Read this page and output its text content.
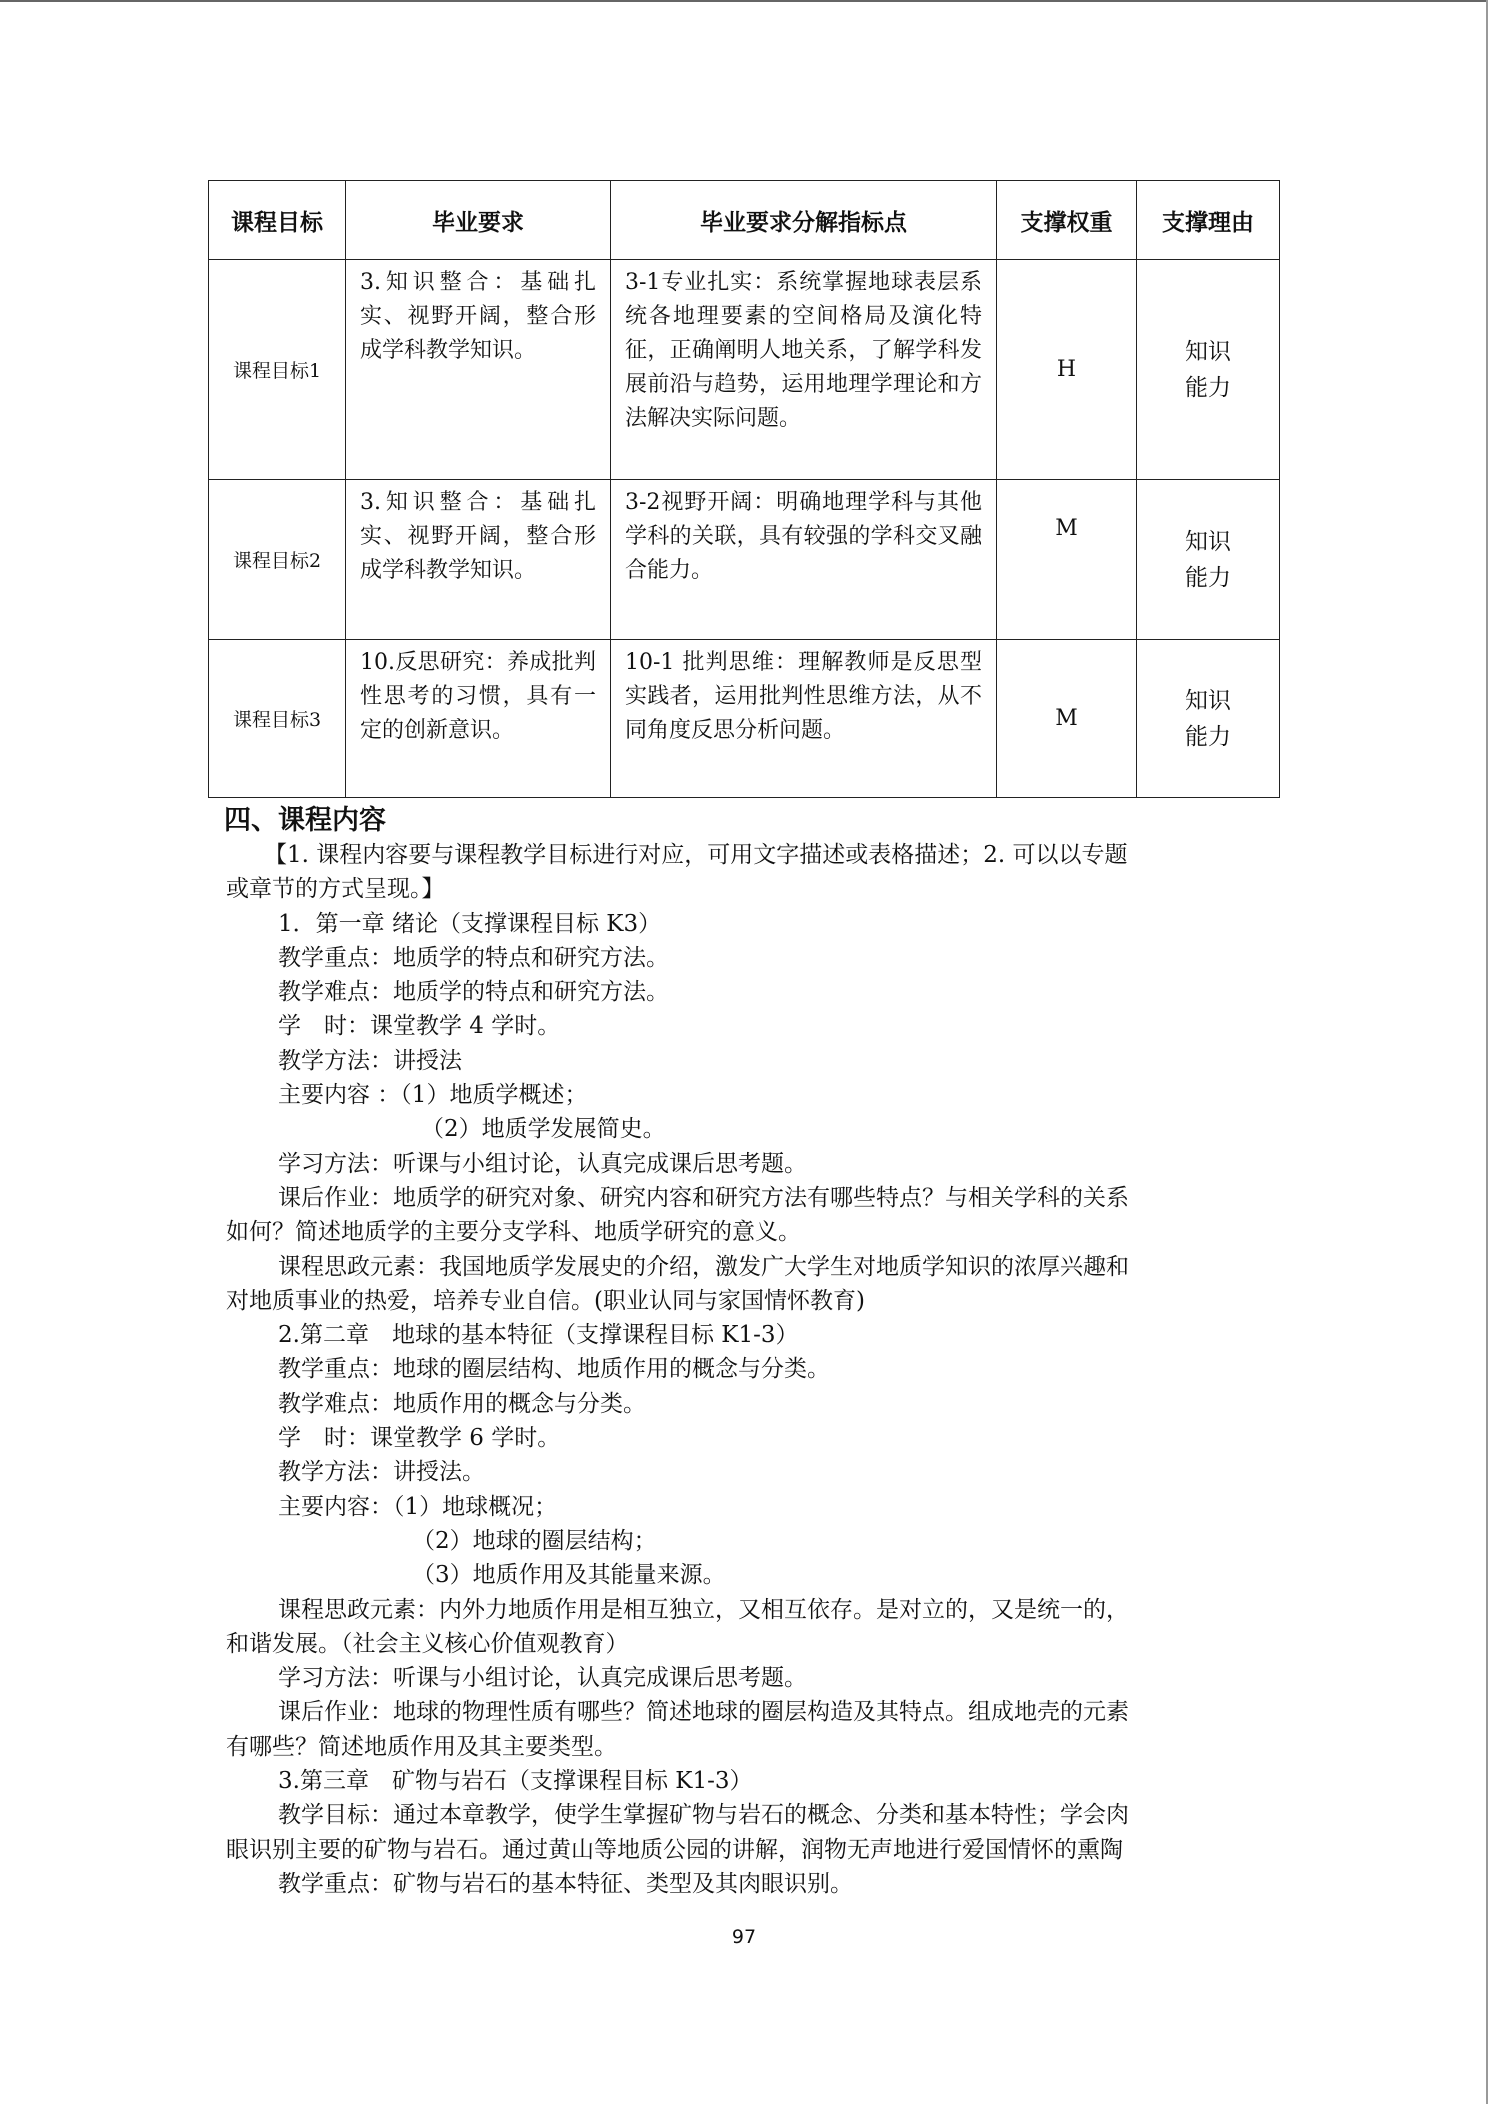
课程目标	毕业要求	毕业要求分解指标点	支撑权重	支撑理由
课程目标1	3.知识整合：基础扎实、视野开阔，整合形成学科教学知识。	3-1专业扎实：系统掌握地球表层系统各地理要素的空间格局及演化特征，正确阐明人地关系，了解学科发展前沿与趋势，运用地理学理论和方法解决实际问题。	H	知识
能力

课程目标2	3.知识整合：基础扎实、视野开阔，整合形成学科教学知识。	3-2视野开阔：明确地理学科与其他学科的关联，具有较强的学科交叉融合能力。	M	知识
能力

课程目标3	10.反思研究：养成批判性思考的习惯，具有一定的创新意识。	10-1 批判思维：理解教师是反思型实践者，运用批判性思维方法，从不同角度反思分析问题。	M	知识
能力
四、课程内容
【1. 课程内容要与课程教学目标进行对应，可用文字描述或表格描述；2. 可以以专题
或章节的方式呈现。】
1．第一章 绪论（支撑课程目标 K3）
教学重点：地质学的特点和研究方法。
教学难点：地质学的特点和研究方法。
学　时：课堂教学 4 学时。
教学方法：讲授法
主要内容 ：（1）地质学概述；
（2）地质学发展简史。
学习方法：听课与小组讨论，认真完成课后思考题。
课后作业：地质学的研究对象、研究内容和研究方法有哪些特点？与相关学科的关系
如何？简述地质学的主要分支学科、地质学研究的意义。
课程思政元素：我国地质学发展史的介绍，激发广大学生对地质学知识的浓厚兴趣和
对地质事业的热爱，培养专业自信。(职业认同与家国情怀教育)
2.第二章　地球的基本特征（支撑课程目标 K1-3）
教学重点：地球的圈层结构、地质作用的概念与分类。
教学难点：地质作用的概念与分类。
学　时：课堂教学 6 学时。
教学方法：讲授法。
主要内容：（1）地球概况；
（2）地球的圈层结构；
（3）地质作用及其能量来源。
课程思政元素：内外力地质作用是相互独立，又相互依存。是对立的，又是统一的，
和谐发展。（社会主义核心价值观教育）
学习方法：听课与小组讨论，认真完成课后思考题。
课后作业：地球的物理性质有哪些？简述地球的圈层构造及其特点。组成地壳的元素
有哪些？简述地质作用及其主要类型。
3.第三章　矿物与岩石（支撑课程目标 K1-3）
教学目标：通过本章教学，使学生掌握矿物与岩石的概念、分类和基本特性；学会肉
眼识别主要的矿物与岩石。通过黄山等地质公园的讲解，润物无声地进行爱国情怀的熏陶
教学重点：矿物与岩石的基本特征、类型及其肉眼识别。
97
